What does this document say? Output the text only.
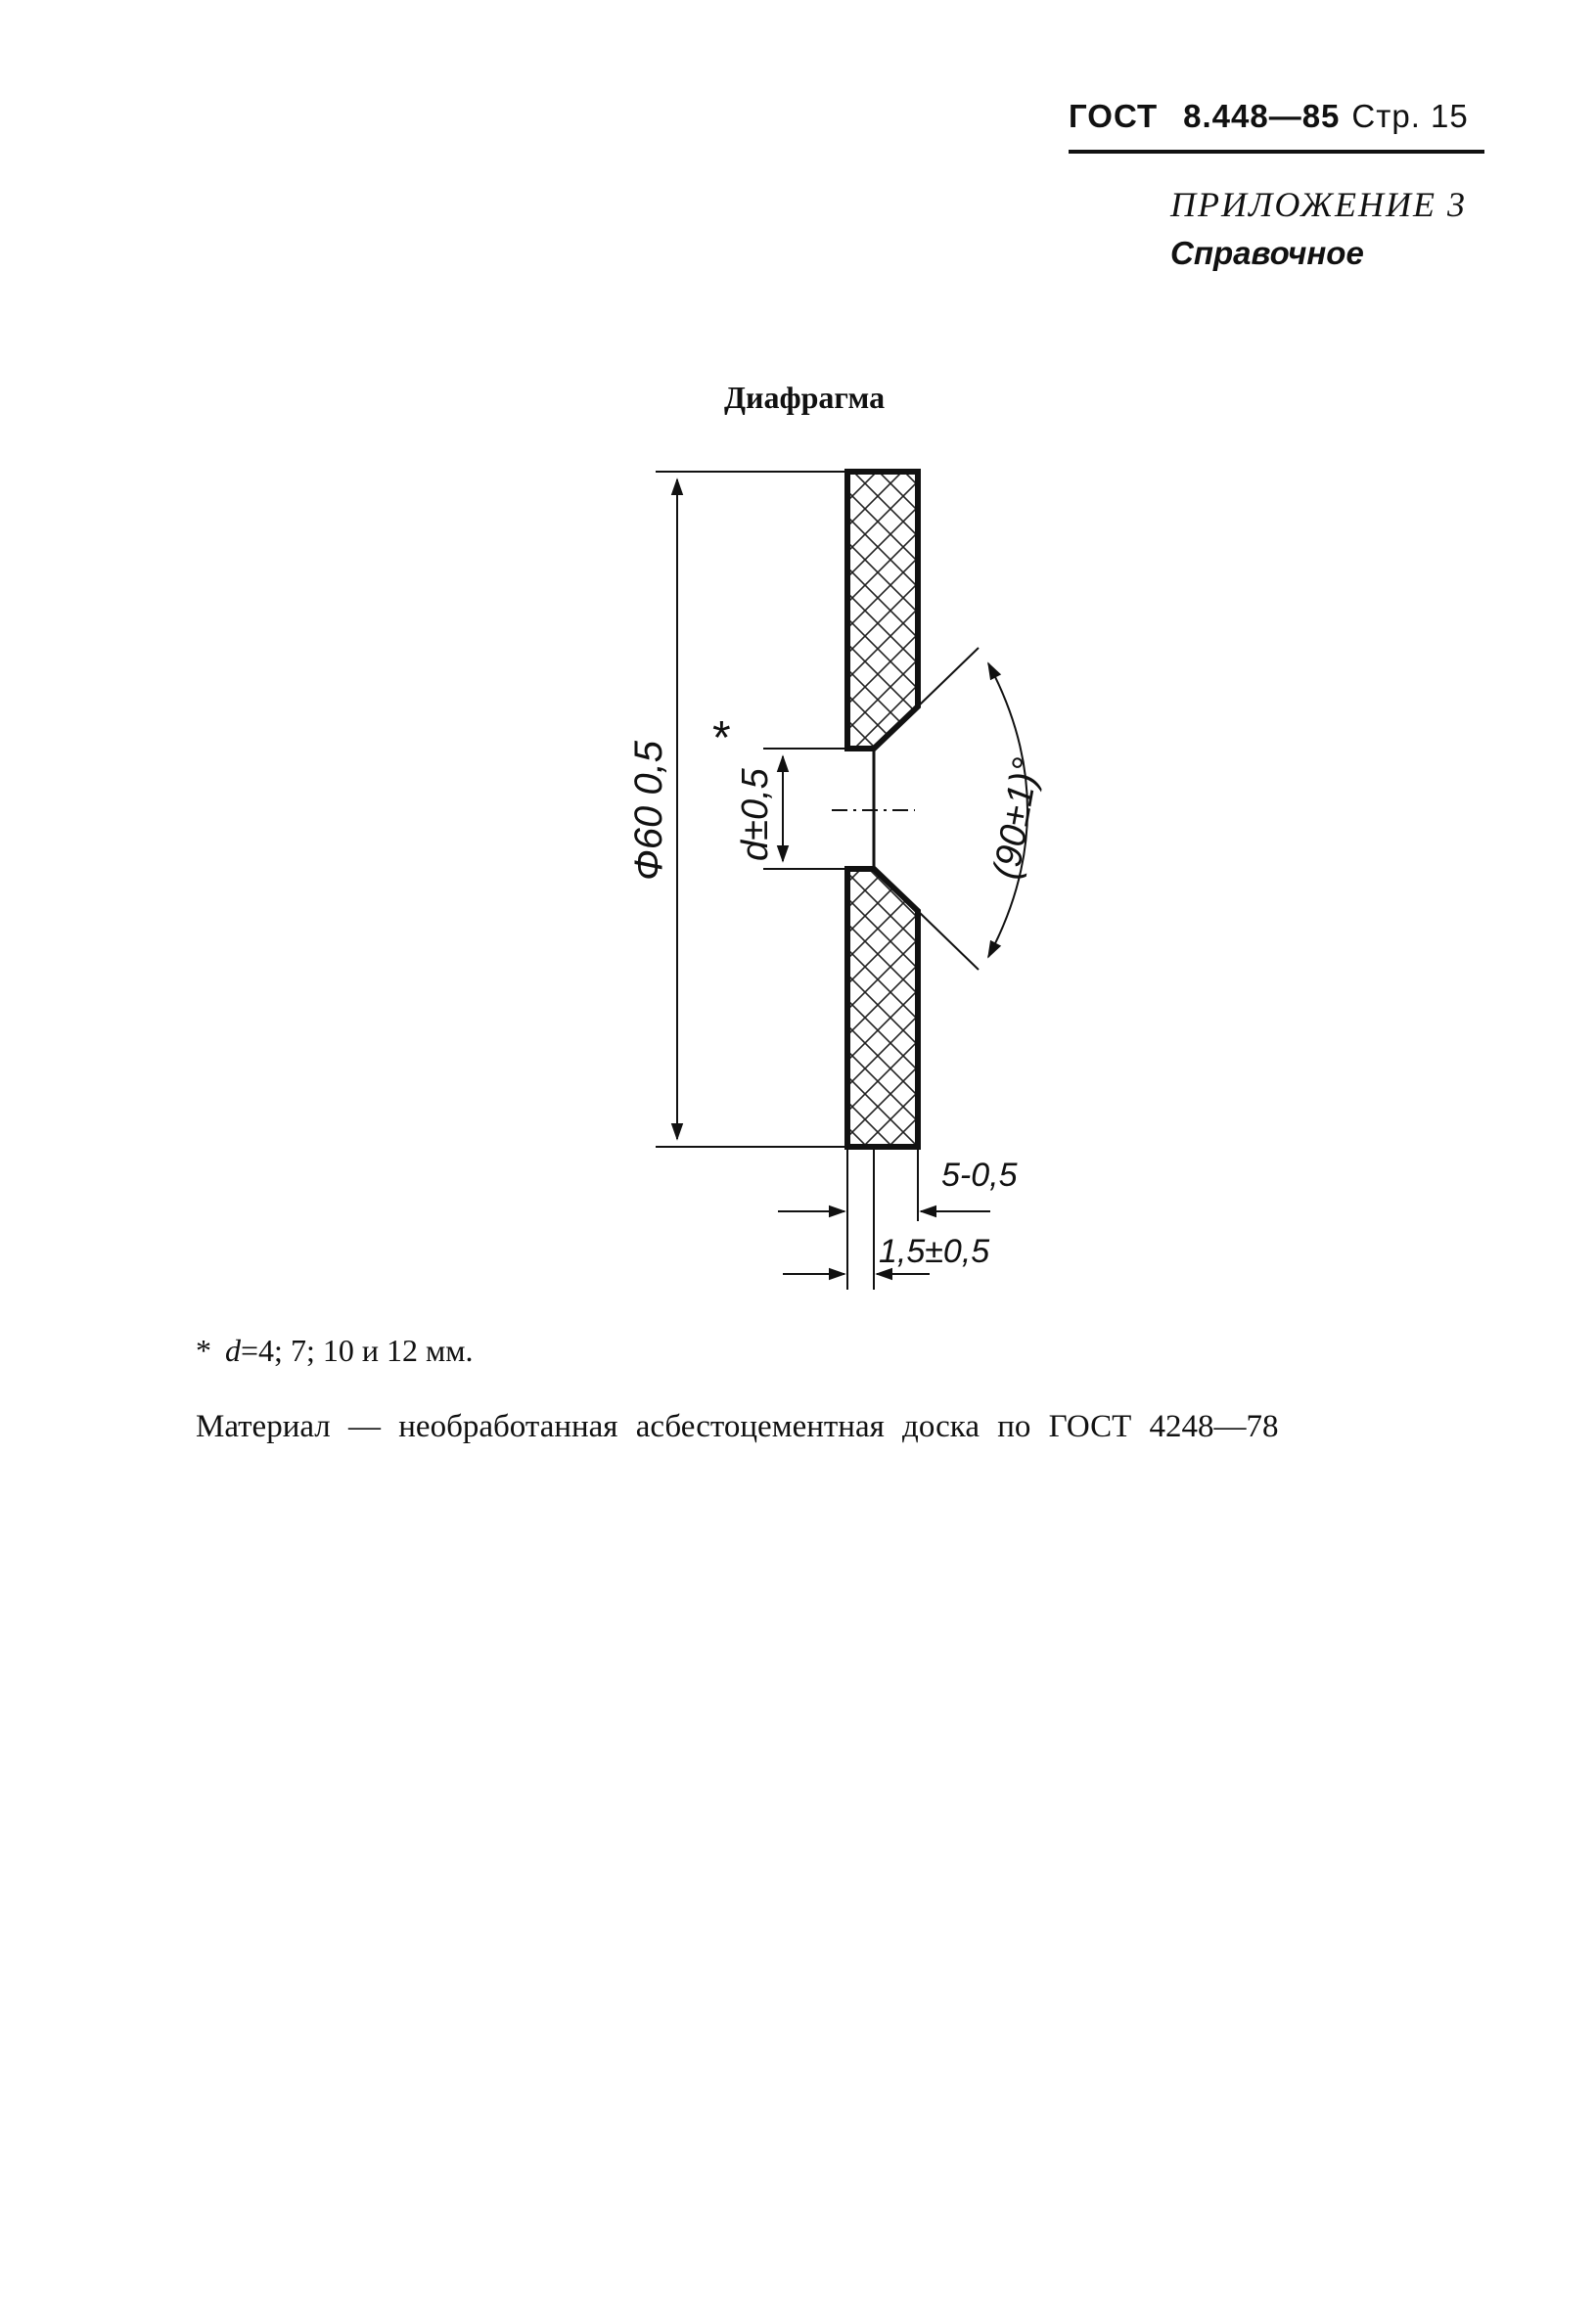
ГОСТ 8.448—85 Стр. 15
ПРИЛОЖЕНИЕ 3
Справочное
Диафрагма
Ф60 0,5 d±0,5
*
(90±1)°
5-0,5
1,5±0,5
* d=4; 7; 10 и 12 мм.
Материал — необработанная асбестоцементная доска по ГОСТ 4248—78
